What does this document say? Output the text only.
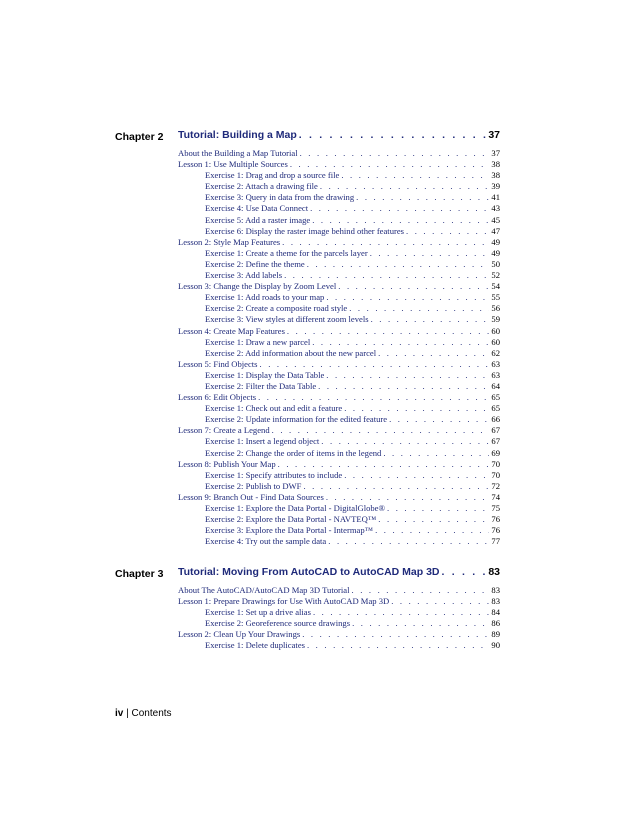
Chapter 2 Tutorial: Building a Map . . .	37
About the Building a Map Tutorial . . .	37
Lesson 1: Use Multiple Sources . . .	38
Exercise 1: Drag and drop a source file . . .	38
Exercise 2: Attach a drawing file . . .	39
Exercise 3: Query in data from the drawing . . .	41
Exercise 4: Use Data Connect . . .	43
Exercise 5: Add a raster image . . .	45
Exercise 6: Display the raster image behind other features . . .	47
Lesson 2: Style Map Features . . .	49
Exercise 1: Create a theme for the parcels layer . . .	49
Exercise 2: Define the theme . . .	50
Exercise 3: Add labels . . .	52
Lesson 3: Change the Display by Zoom Level . . .	54
Exercise 1: Add roads to your map . . .	55
Exercise 2: Create a composite road style . . .	56
Exercise 3: View styles at different zoom levels . . .	59
Lesson 4: Create Map Features . . .	60
Exercise 1: Draw a new parcel . . .	60
Exercise 2: Add information about the new parcel . . .	62
Lesson 5: Find Objects . . .	63
Exercise 1: Display the Data Table . . .	63
Exercise 2: Filter the Data Table . . .	64
Lesson 6: Edit Objects . . .	65
Exercise 1: Check out and edit a feature . . .	65
Exercise 2: Update information for the edited feature . . .	66
Lesson 7: Create a Legend . . .	67
Exercise 1: Insert a legend object . . .	67
Exercise 2: Change the order of items in the legend . . .	69
Lesson 8: Publish Your Map . . .	70
Exercise 1: Specify attributes to include . . .	70
Exercise 2: Publish to DWF . . .	72
Lesson 9: Branch Out - Find Data Sources . . .	74
Exercise 1: Explore the Data Portal - DigitalGlobe® . . .	75
Exercise 2: Explore the Data Portal - NAVTEQ™ . . .	76
Exercise 3: Explore the Data Portal - Intermap™ . . .	76
Exercise 4: Try out the sample data . . .	77
Chapter 3 Tutorial: Moving From AutoCAD to AutoCAD Map 3D . . .	83
About The AutoCAD/AutoCAD Map 3D Tutorial . . .	83
Lesson 1: Prepare Drawings for Use With AutoCAD Map 3D . . .	83
Exercise 1: Set up a drive alias . . .	84
Exercise 2: Georeference source drawings . . .	86
Lesson 2: Clean Up Your Drawings . . .	89
Exercise 1: Delete duplicates . . .	90
iv | Contents
